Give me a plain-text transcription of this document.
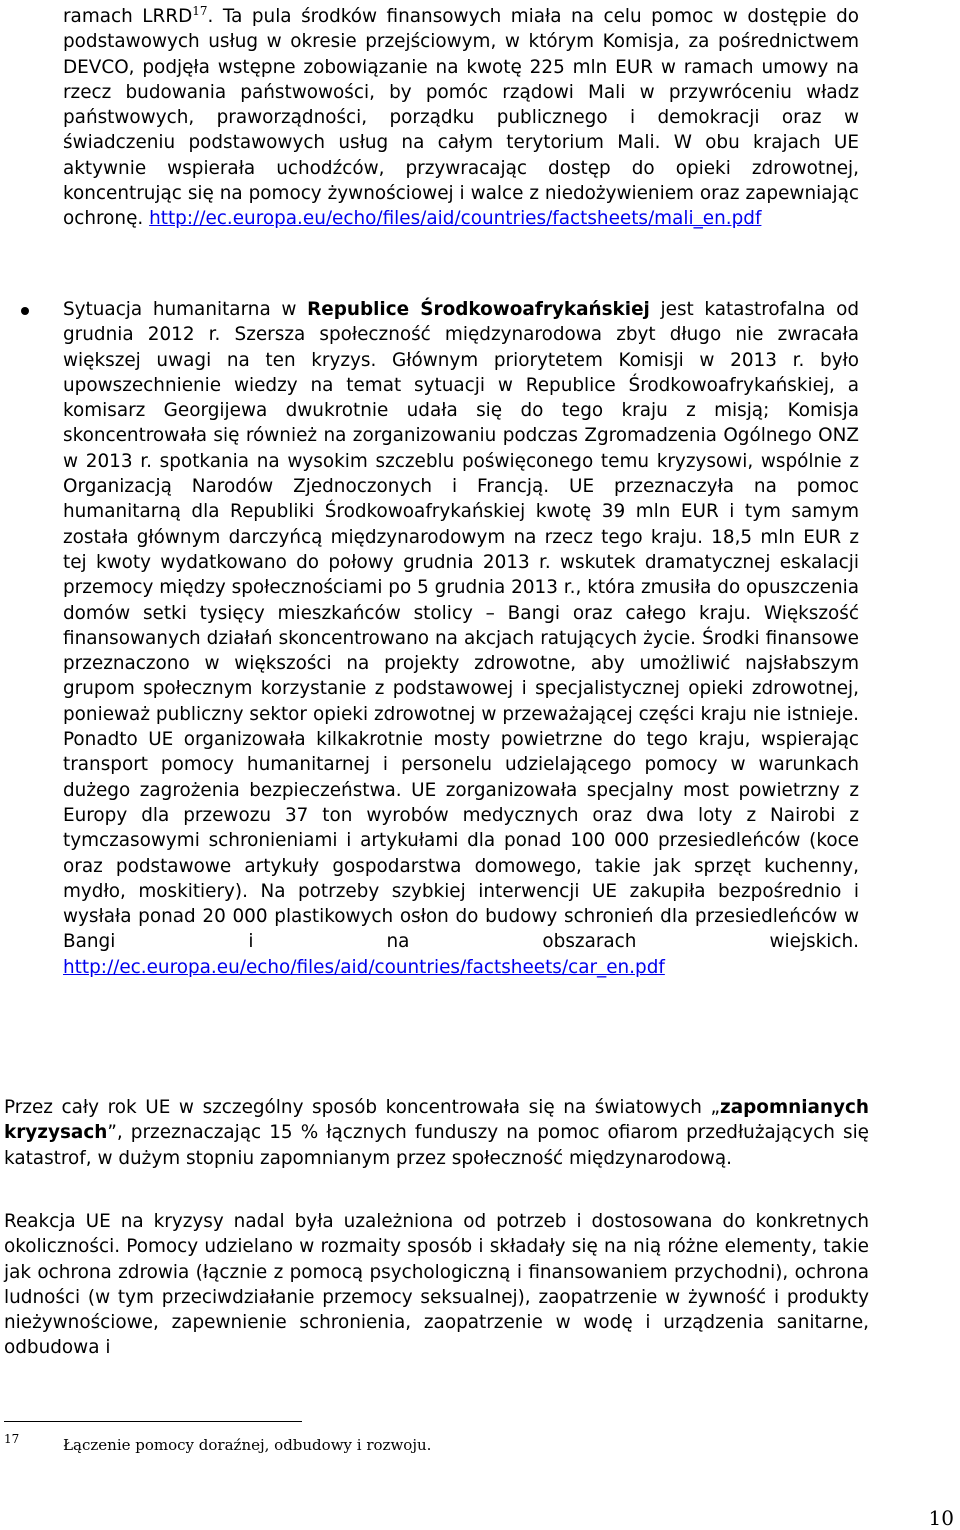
ramach LRRD$^{17}$. Ta pula środków finansowych miała na celu pomoc w dostępie do podstawowych usług w okresie przejściowym, w którym Komisja, za pośrednictwem DEVCO, podjęła wstępne zobowiązanie na kwotę 225 mln EUR w ramach umowy na rzecz budowania państwowości, by pomóc rządowi Mali w przywróceniu władz państwowych, praworządności, porządku publicznego i demokracji oraz w świadczeniu podstawowych usług na całym terytorium Mali. W obu krajach UE aktywnie wspierała uchodźców, przywracając dostęp do opieki zdrowotnej, koncentrując się na pomocy żywnościowej i walce z niedożywieniem oraz zapewniając ochronę. http://ec.europa.eu/echo/files/aid/countries/factsheets/mali_en.pdf

Sytuacja humanitarna w Republice Środkowoafrykańskiej jest katastrofalna od grudnia 2012 r. Szersza społeczność międzynarodowa zbyt długo nie zwracała większej uwagi na ten kryzys. Głównym priorytetem Komisji w 2013 r. było upowszechnienie wiedzy na temat sytuacji w Republice Środkowoafrykańskiej, a komisarz Georgijewa dwukrotnie udała się do tego kraju z misją; Komisja skoncentrowała się również na zorganizowaniu podczas Zgromadzenia Ogólnego ONZ w 2013 r. spotkania na wysokim szczeblu poświęconego temu kryzysowi, wspólnie z Organizacją Narodów Zjednoczonych i Francją. UE przeznaczyła na pomoc humanitarną dla Republiki Środkowoafrykańskiej kwotę 39 mln EUR i tym samym została głównym darczyńcą międzynarodowym na rzecz tego kraju. 18,5 mln EUR z tej kwoty wydatkowano do połowy grudnia 2013 r. wskutek dramatycznej eskalacji przemocy między społecznościami po 5 grudnia 2013 r., która zmusiła do opuszczenia domów setki tysięcy mieszkańców stolicy – Bangi oraz całego kraju. Większość finansowanych działań skoncentrowano na akcjach ratujących życie. Środki finansowe przeznaczono w większości na projekty zdrowotne, aby umożliwić najsłabszym grupom społecznym korzystanie z podstawowej i specjalistycznej opieki zdrowotnej, ponieważ publiczny sektor opieki zdrowotnej w przeważającej części kraju nie istnieje. Ponadto UE organizowała kilkakrotnie mosty powietrzne do tego kraju, wspierając transport pomocy humanitarnej i personelu udzielającego pomocy w warunkach dużego zagrożenia bezpieczeństwa. UE zorganizowała specjalny most powietrzny z Europy dla przewozu 37 ton wyrobów medycznych oraz dwa loty z Nairobi z tymczasowymi schronieniami i artykułami dla ponad 100 000 przesiedleńców (koce oraz podstawowe artykuły gospodarstwa domowego, takie jak sprzęt kuchenny, mydło, moskitiery). Na potrzeby szybkiej interwencji UE zakupiła bezpośrednio i wysłała ponad 20 000 plastikowych osłon do budowy schronień dla przesiedleńców w Bangi i na obszarach wiejskich. http://ec.europa.eu/echo/files/aid/countries/factsheets/car_en.pdf

Przez cały rok UE w szczególny sposób koncentrowała się na światowych „zapomnianych kryzysach”, przeznaczając 15 % łącznych funduszy na pomoc ofiarom przedłużających się katastrof, w dużym stopniu zapomnianym przez społeczność międzynarodową.

Reakcja UE na kryzysy nadal była uzależniona od potrzeb i dostosowana do konkretnych okoliczności. Pomocy udzielano w rozmaity sposób i składały się na nią różne elementy, takie jak ochrona zdrowia (łącznie z pomocą psychologiczną i finansowaniem przychodni), ochrona ludności (w tym przeciwdziałanie przemocy seksualnej), zaopatrzenie w żywność i produkty nieżywnościowe, zapewnienie schronienia, zaopatrzenie w wodę i urządzenia sanitarne, odbudowa i

17	Łączenie pomocy doraźnej, odbudowy i rozwoju.
10
